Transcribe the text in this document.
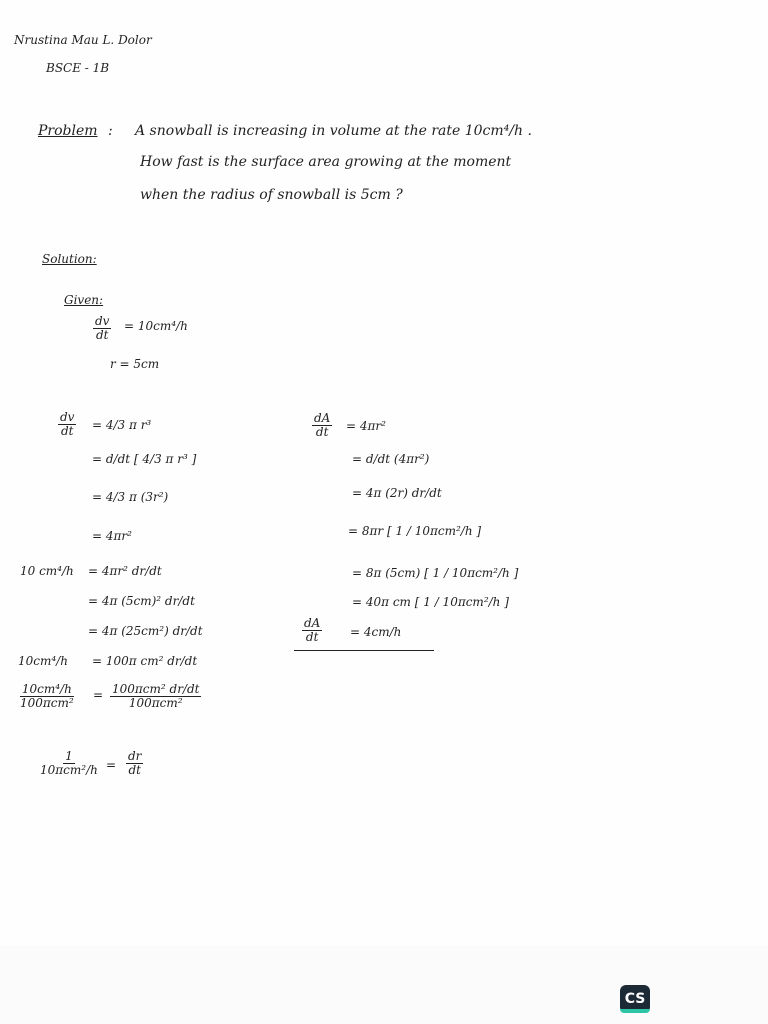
Nrustina Mau L. Dolor
BSCE - 1B
Problem : A snowball is increasing in volume at the rate 10cm⁴/h .
How fast is the surface area growing at the moment
when the radius of snowball is 5cm ?
Solution:
Given:
$\frac{dv}{dt} = 10cm^4/h$
r = 5cm
$\frac{dv}{dt} = 4/3$ π r³
= d/dt [ 4/3 π r³ ]
= 4/3 π (3r²)
= 4πr²
10 cm⁴/h = 4πr² dr/dt
= 4π (5cm)² dr/dt
= 4π (25cm²) dr/dt
10cm⁴/h = 100π cm² dr/dt
10cm⁴/h
100πcm²
= 100πcm² dr/dt
100πcm²
1
$10\pi cm^2/h = \frac{dr}{dt}$
$\frac{dA}{dt} = 4\pi r^2$
= d/dt (4πr²)
= 4π (2r) dr/dt
= 8πr [ 1 / 10πcm²/h ]
= 8π (5cm) [ 1 / 10πcm²/h ]
= 40π cm [ 1 / 10πcm²/h ]
$\frac{dA}{dt} = 4cm/h$
CS
